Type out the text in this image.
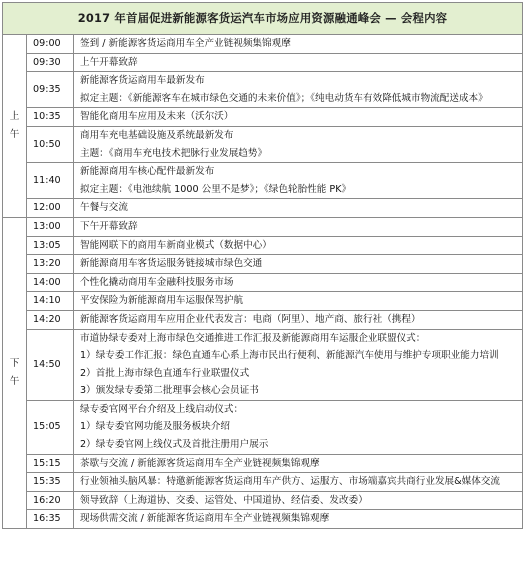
2017 年首届促进新能源客货运汽车市场应用资源融通峰会 — 会程内容		

上
午	09:00	签到 / 新能源客货运商用车全产业链视频集锦观摩

	09:30	上午开幕致辞

	09:35	新能源客货运商用车最新发布
拟定主题：《新能源客车在城市绿色交通的未来价值》；《纯电动货车有效降低城市物流配送成本》

	10:35	智能化商用车应用及未来（沃尔沃）

	10:50	商用车充电基础设施及系统最新发布
主题：《商用车充电技术把脉行业发展趋势》

	11:40	新能源商用车核心配件最新发布
拟定主题：《电池续航 1000 公里不是梦》；《绿色轮胎性能 PK》

	12:00	午餐与交流

下
午	13:00	下午开幕致辞

	13:05	智能网联下的商用车新商业模式（数据中心）

	13:20	新能源商用车客货运服务链接城市绿色交通

	14:00	个性化撬动商用车金融科技服务市场

	14:10	平安保险为新能源商用车运服保驾护航

	14:20	新能源客货运商用车应用企业代表发言：电商（阿里）、地产商、旅行社（携程）

	14:50	市道协绿专委对上海市绿色交通推进工作汇报及新能源商用车运服企业联盟仪式：
1）绿专委工作汇报：绿色直通车心系上海市民出行便利、新能源汽车使用与维护专项职业能力培训
2）首批上海市绿色直通车行业联盟仪式
3）颁发绿专委第二批理事会核心会员证书

	15:05	绿专委官网平台介绍及上线启动仪式：
1）绿专委官网功能及服务板块介绍
2）绿专委官网上线仪式及首批注册用户展示

	15:15	茶歇与交流 / 新能源客货运商用车全产业链视频集锦观摩

	15:35	行业领袖头脑风暴：特邀新能源客货运商用车产供方、运服方、市场端嘉宾共商行业发展&媒体交流

	16:20	领导致辞（上海道协、交委、运管处、中国道协、经信委、发改委）

	16:35	现场供需交流 / 新能源客货运商用车全产业链视频集锦观摩
